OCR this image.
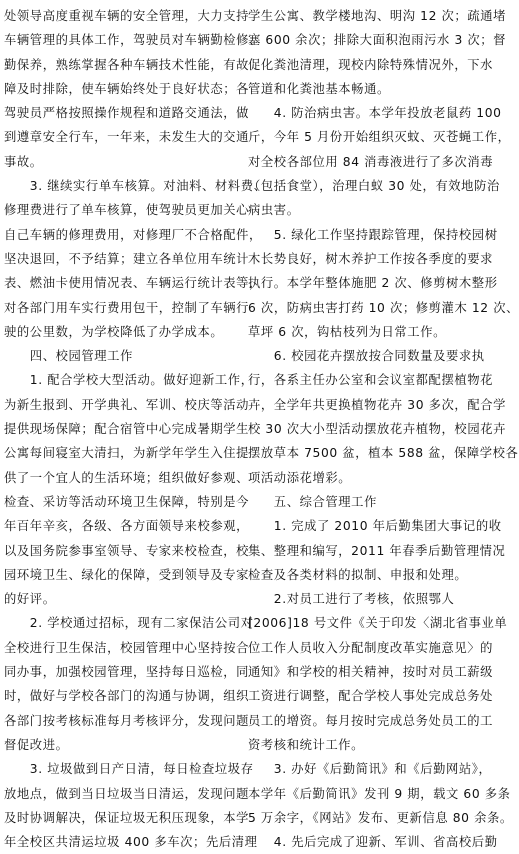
处领导高度重视车辆的安全管理，大力支持
车辆管理的具体工作，驾驶员对车辆勤检修、
勤保养，熟练掌握各种车辆技术性能，有故
障及时排除，使车辆始终处于良好状态；各
驾驶员严格按照操作规程和道路交通法，做
到遵章安全行车，一年来，未发生大的交通
事故。
　　3. 继续实行单车核算。对油料、材料费、
修理费进行了单车核算，使驾驶员更加关心
自己车辆的修理费用，对修理厂不合格配件，
坚决退回，不予结算；建立各单位用车统计
表、燃油卡使用情况表、车辆运行统计表等，
对各部门用车实行费用包干，控制了车辆行
驶的公里数，为学校降低了办学成本。
　　四、校园管理工作
　　1. 配合学校大型活动。做好迎新工作，
为新生报到、开学典礼、军训、校庆等活动
提供现场保障；配合宿管中心完成暑期学生
公寓每间寝室大清扫，为新学年学生入住提
供了一个宜人的生活环境；组织做好参观、
检查、采访等活动环境卫生保障，特别是今
年百年辛亥，各级、各方面领导来校参观，
以及国务院参事室领导、专家来校检查，校
园环境卫生、绿化的保障，受到领导及专家
的好评。
　　2. 学校通过招标，现有二家保洁公司对
全校进行卫生保洁，校园管理中心坚持按合
同办事，加强校园管理，坚持每日巡检，同
时，做好与学校各部门的沟通与协调，组织
各部门按考核标准每月考核评分，发现问题
督促改进。
　　3. 垃圾做到日产日清，每日检查垃圾存
放地点，做到当日垃圾当日清运，发现问题
及时协调解决，保证垃圾无积压现象，本学
年全校区共清运垃圾 400 多车次；先后清理
学生公寓、教学楼地沟、明沟 12 次；疏通堵
塞 600 余次；排除大面积泡雨污水 3 次；督
促化粪池清理，现校内除特殊情况外，下水
管道和化粪池基本畅通。
　　4. 防治病虫害。本学年投放老鼠药 100
斤，今年 5 月份开始组织灭蚊、灭苍蝇工作，
对全校各部位用 84 消毒液进行了多次消毒
（包括食堂），治理白蚁 30 处，有效地防治
病虫害。
　　5. 绿化工作坚持跟踪管理，保持校园树
木长势良好，树木养护工作按各季度的要求
执行。本学年整体施肥 2 次、修剪树木整形
6 次，防病虫害打药 10 次；修剪灌木 12 次、
草坪 6 次，钩枯枝列为日常工作。
　　6. 校园花卉摆放按合同数量及要求执
行，各系主任办公室和会议室都配摆植物花
卉，全学年共更换植物花卉 30 多次，配合学
校 30 次大小型活动摆放花卉植物，校园花卉
摆放草本 7500 盆，植本 588 盆，保障学校各
项活动添花增彩。
　　五、综合管理工作
　　1. 完成了 2010 年后勤集团大事记的收
集、整理和编写，2011 年春季后勤管理情况
检查及各类材料的拟制、申报和处理。
　　2.对员工进行了考核，依照鄂人
[2006]18 号文件《关于印发〈湖北省事业单
位工作人员收入分配制度改革实施意见〉的
通知》和学校的相关精神，按时对员工薪级
工资进行调整，配合学校人事处完成总务处
员工的增资。每月按时完成总务处员工的工
资考核和统计工作。
　　3. 办好《后勤简讯》和《后勤网站》，
本学年《后勤简讯》发刊 9 期，载文 60 多条
5 万余字，《网站》发布、更新信息 80 余条。
　　4. 先后完成了迎新、军训、省高校后勤
